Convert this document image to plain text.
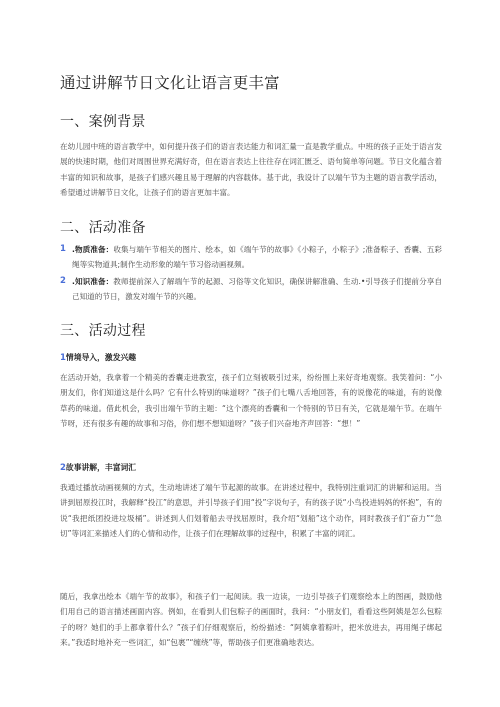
通过讲解节日文化让语言更丰富
一、案例背景

在幼儿园中班的语言教学中，如何提升孩子们的语言表达能力和词汇量一直是教学重点。中班的孩子正处于语言发展的快速时期，他们对周围世界充满好奇，但在语言表达上往往存在词汇匮乏、语句简单等问题。节日文化蕴含着丰富的知识和故事，是孩子们感兴趣且易于理解的内容载体。基于此，我设计了以端午节为主题的语言教学活动，希望通过讲解节日文化，让孩子们的语言更加丰富。

二、活动准备
1 .物质准备：收集与端午节相关的图片、绘本，如《端午节的故事》《小粽子，小粽子》;准备粽子、香囊、五彩绳等实物道具;制作生动形象的端午节习俗动画视频。
2 .知识准备：教师提前深入了解端午节的起源、习俗等文化知识，确保讲解准确、生动.•引导孩子们提前分享自己知道的节日，激发对端午节的兴趣。
三、活动过程
1情境导入，激发兴趣

在活动开始，我拿着一个精美的香囊走进教室，孩子们立刻被吸引过来，纷纷围上来好奇地观察。我笑着问：“小朋友们，你们知道这是什么吗？它有什么特别的味道呀？”孩子们七嘴八舌地回答，有的说像花的味道，有的说像草药的味道。借此机会，我引出端午节的主题：“这个漂亮的香囊和一个特别的节日有关，它就是端午节。在端午节呀，还有很多有趣的故事和习俗，你们想不想知道呀？”孩子们兴奋地齐声回答：“想！”

2故事讲解，丰富词汇

我通过播放动画视频的方式，生动地讲述了端午节起源的故事。在讲述过程中，我特别注重词汇的讲解和运用。当讲到屈原投江时，我解释“投江”的意思，并引导孩子们用“投”字说句子，有的孩子说“小鸟投进妈妈的怀抱”，有的说“我把纸团投进垃圾桶”。讲述到人们划着船去寻找屈原时，我介绍“划船”这个动作，同时教孩子们“奋力”“急切”等词汇来描述人们的心情和动作，让孩子们在理解故事的过程中，积累了丰富的词汇。

随后，我拿出绘本《端午节的故事》，和孩子们一起阅读。我一边读，一边引导孩子们观察绘本上的图画，鼓励他们用自己的语言描述画面内容。例如，在看到人们包粽子的画面时，我问：“小朋友们，看看这些阿姨是怎么包粽子的呀？她们的手上都拿着什么？”孩子们仔细观察后，纷纷描述：“阿姨拿着粽叶，把米放进去，再用绳子绑起来。”我适时地补充一些词汇，如“包裹”“缠绕”等，帮助孩子们更准确地表达。
